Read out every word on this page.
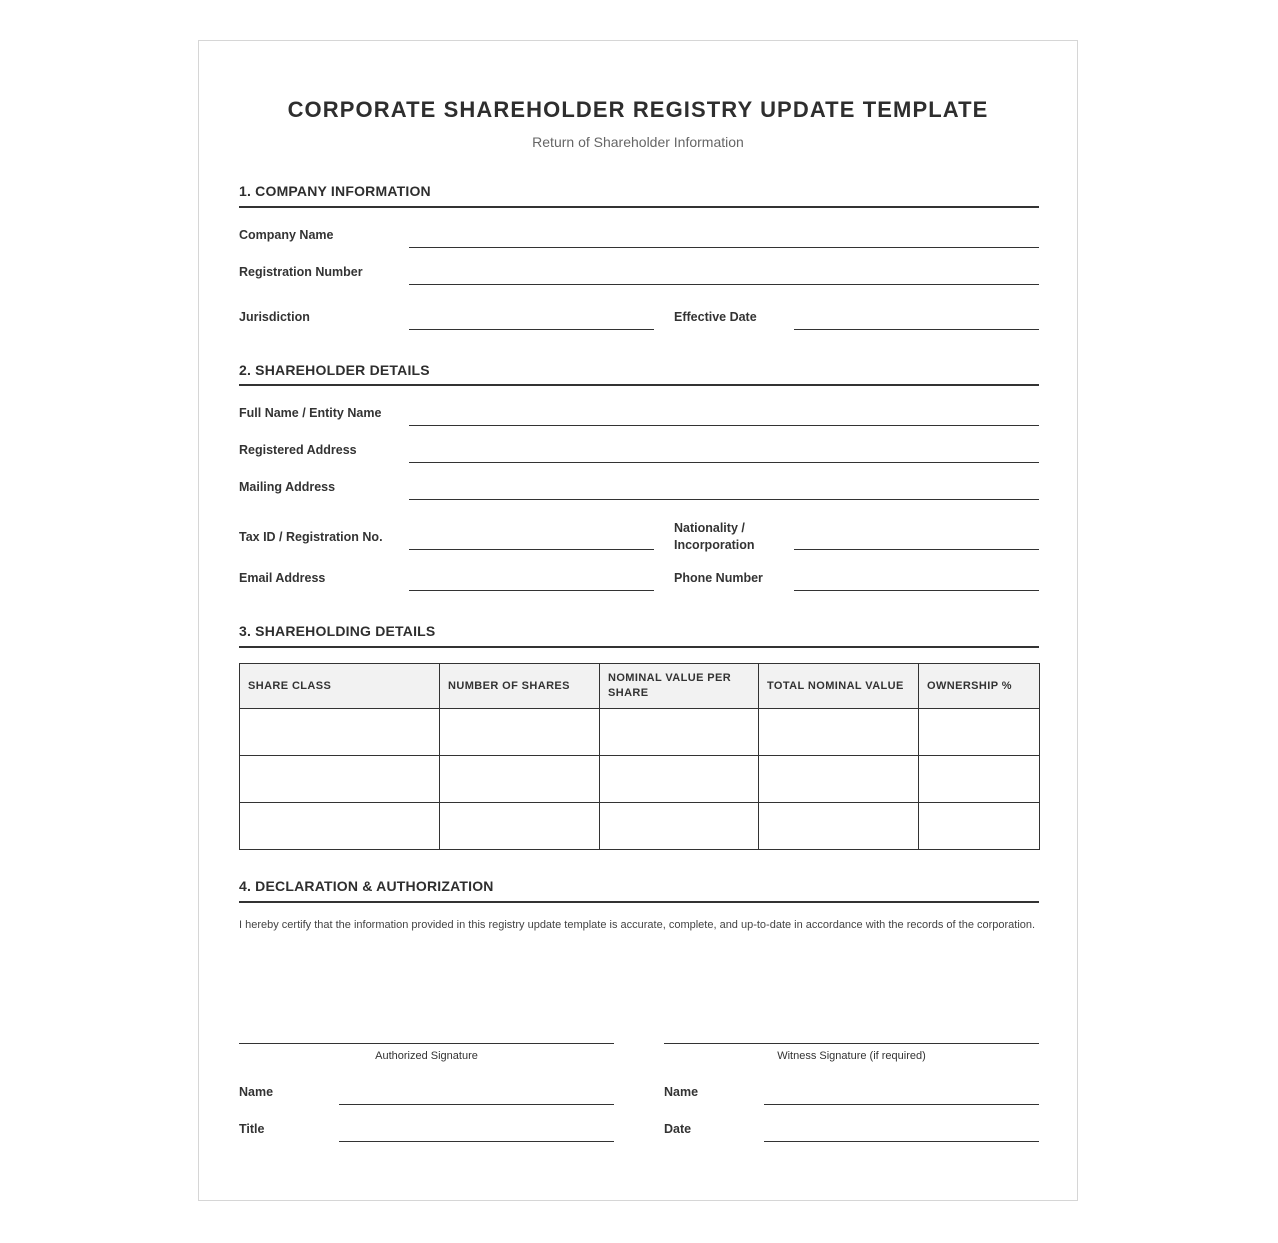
CORPORATE SHAREHOLDER REGISTRY UPDATE TEMPLATE
Return of Shareholder Information
1. COMPANY INFORMATION
Company Name
Registration Number
Jurisdiction	Effective Date
2. SHAREHOLDER DETAILS
Full Name / Entity Name
Registered Address
Mailing Address
Tax ID / Registration No.
Nationality /
Incorporation
Email Address	Phone Number
3. SHAREHOLDING DETAILS
SHARE CLASS	NUMBER OF SHARES	NOMINAL VALUE PER SHARE	TOTAL NOMINAL VALUE	OWNERSHIP %

4. DECLARATION & AUTHORIZATION
I hereby certify that the information provided in this registry update template is accurate, complete, and up-to-date in accordance with the records of the corporation.
Authorized Signature	Witness Signature (if required)
Name	Name
Title	Date
